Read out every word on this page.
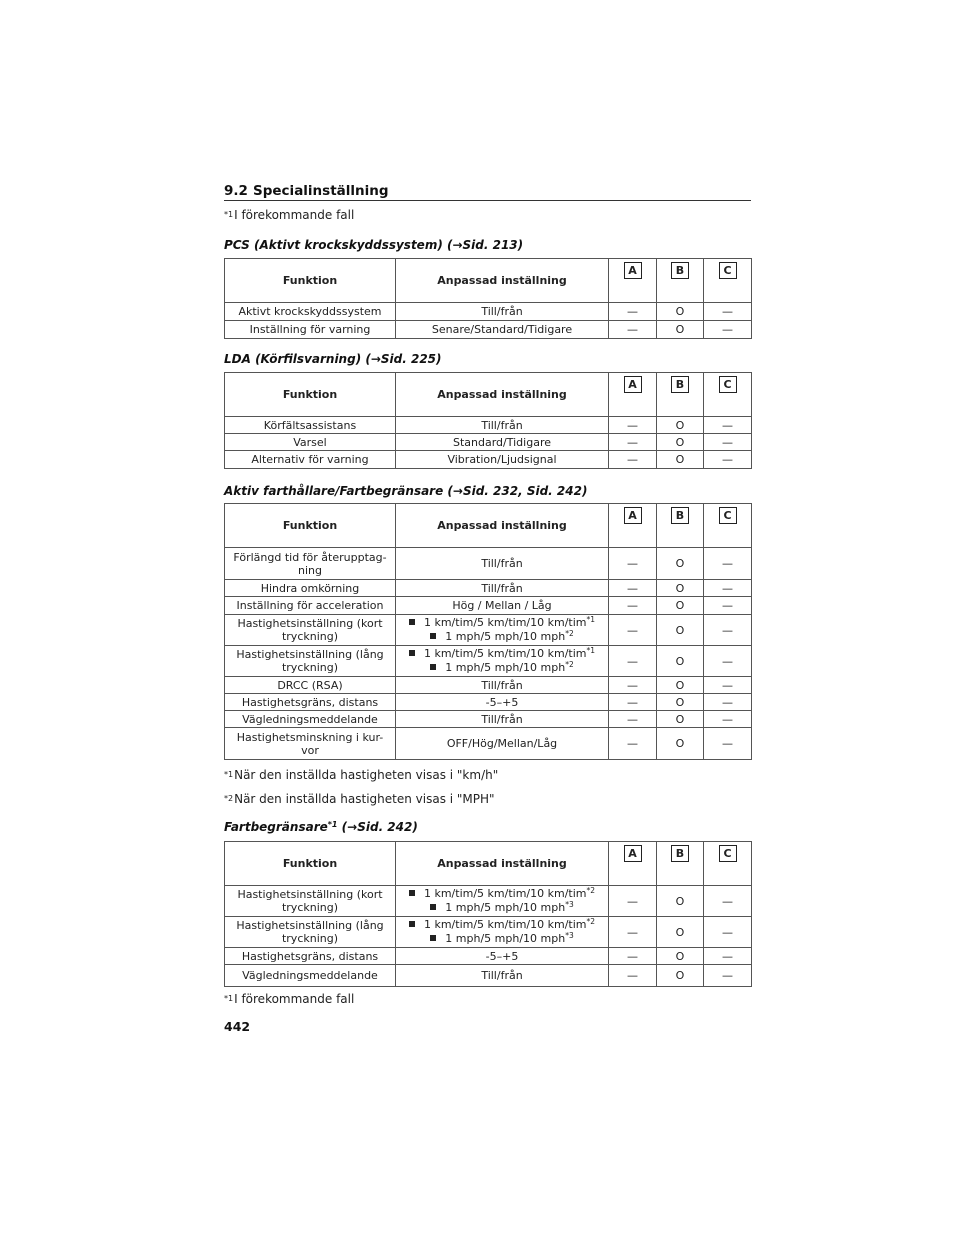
9.2 Specialinställning
$^{*1}$I förekommande fall
PCS (Aktivt krockskyddssystem) (→Sid. 213)
Funktion	Anpassad inställning	A	B	C
Aktivt krockskyddssystem	Till/från	—	O	—
Inställning för varning	Senare/Standard/Tidigare	—	O	—
LDA (Körfilsvarning) (→Sid. 225)
Funktion	Anpassad inställning	A	B	C
Körfältsassistans	Till/från	—	O	—
Varsel	Standard/Tidigare	—	O	—
Alternativ för varning	Vibration/Ljudsignal	—	O	—
Aktiv farthållare/Fartbegränsare (→Sid. 232, Sid. 242)
Funktion	Anpassad inställning	A	B	C
Förlängd tid för återupptag-
ning	Till/från	—	O	—
Hindra omkörning	Till/från	—	O	—
Inställning för acceleration	Hög / Mellan / Låg	—	O	—
Hastighetsinställning (kort
tryckning)	1 km/tim/5 km/tim/10 km/tim$^{*1}$
1 mph/5 mph/10 mph$^{*2}$	—	O	—
Hastighetsinställning (lång
tryckning)	1 km/tim/5 km/tim/10 km/tim$^{*1}$
1 mph/5 mph/10 mph$^{*2}$	—	O	—
DRCC (RSA)	Till/från	—	O	—
Hastighetsgräns, distans	-5–+5	—	O	—
Vägledningsmeddelande	Till/från	—	O	—
Hastighetsminskning i kur-
vor	OFF/Hög/Mellan/Låg	—	O	—
$^{*1}$När den inställda hastigheten visas i "km/h"
$^{*2}$När den inställda hastigheten visas i "MPH"
Fartbegränsare$^{*1}$ (→Sid. 242)
Funktion	Anpassad inställning	A	B	C
Hastighetsinställning (kort
tryckning)	1 km/tim/5 km/tim/10 km/tim$^{*2}$
1 mph/5 mph/10 mph$^{*3}$	—	O	—
Hastighetsinställning (lång
tryckning)	1 km/tim/5 km/tim/10 km/tim$^{*2}$
1 mph/5 mph/10 mph$^{*3}$	—	O	—
Hastighetsgräns, distans	-5–+5	—	O	—
Vägledningsmeddelande	Till/från	—	O	—
$^{*1}$I förekommande fall
442
